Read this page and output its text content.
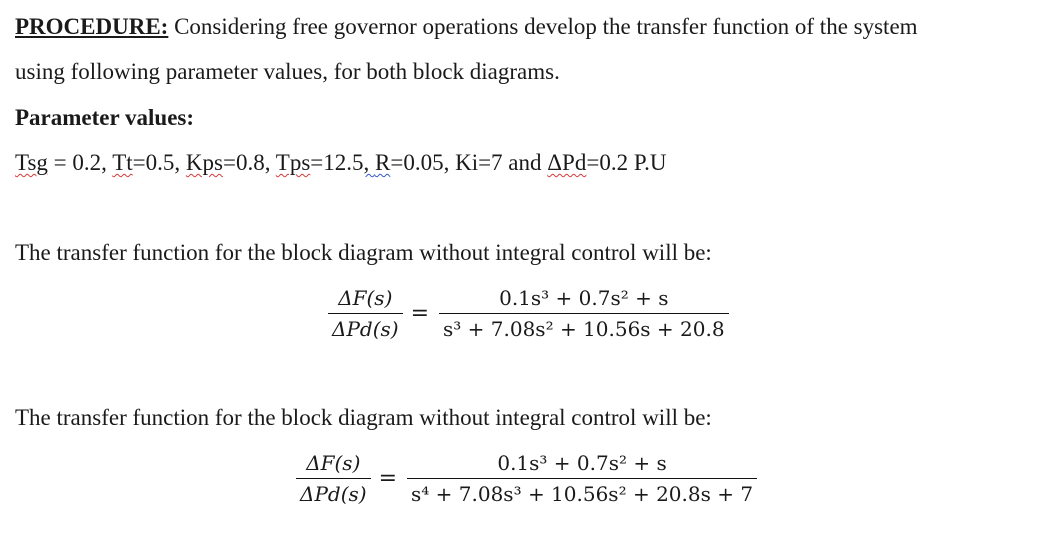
PROCEDURE: Considering free governor operations develop the transfer function of the system
using following parameter values, for both block diagrams.
Parameter values:
Tsg = 0.2, Tt=0.5, Kps=0.8, Tps=12.5, R=0.05, Ki=7 and ΔPd=0.2 P.U
The transfer function for the block diagram without integral control will be:
$\frac{\Delta F(s)}{\text{ΔPd(s)}} = \frac{\text{0.1s³ + 0.7s² + s}}{\text{s³ + 7.08s² + 10.56s + 20.8}}$
The transfer function for the block diagram without integral control will be:
$\frac{\Delta F(s)}{\text{ΔPd(s)}} = \frac{\text{0.1s³ + 0.7s² + s}}{\text{s⁴ + 7.08s³ + 10.56s² + 20.8s + 7}}$
